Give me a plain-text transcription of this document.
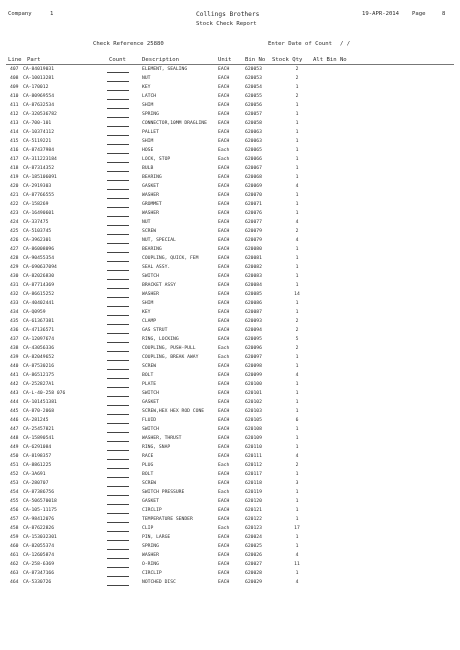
Company	1	Collings Brothers
Stock Check Report
19-APR-2014 Page	8
Check Reference 25880	Enter Date of Count / /
Line Part	Count	Description	Unit Bin No Stock Qty Alt Bin No
407 CA-84019031	ELEMENT, SEALING	EACH	620053	2
408 CA-10013281	NUT	EACH	620053	2
409 CA-170012	KEY	EACH	620054	1
410 CA-80969554	LATCH	EACH	620055	2
411 CA-87632534	SHIM	EACH	620056	1
412 CA-320536782	SPRING	EACH	620057	1
413 CA-700-101	CONNECTOR,10MM DRAGLINE EACH	620058	1
414 CA-10374112	PALLET	EACH	620063	1
415 CA-5119221	SHIM	EACH	620063	1
416 CA-87437984	HOSE	Each	620065	1
417 CA-311223184	LOCK, STOP	Each	620066	1
418 CA-87314352	BULB	EACH	620067	1
419 CA-185106091	BEARING	EACH	620068	1
420 CA-2919303	GASKET	EACH	620069	4
421 CA-87766555	WASHER	EACH	620070	1
422 CA-158269	GROMMET	EACH	620071	1
423 CA-16490601	WASHER	EACH	620076	1
424 CA-337475	NUT	EACH	620077	4
425 CA-5103745	SCREW	EACH	620079	2
426 CA-3962301	NUT, SPECIAL	EACH	620079	4
427 CA-86008096	BEARING	EACH	620080	1
428 CA-90455354	COUPLING, QUICK, FEM	EACH	620081	1
429 CA-690637094	SEAL ASSY.	EACH	620082	1
430 CA-82026830	SWITCH	EACH	620083	1
431 CA-87714369	BRACKET ASSY	EACH	620084	1
432 CA-86615252	WASHER	EACH	620085	14
433 CA-40402441	SHIM	EACH	620086	1
434 CA-Q0959	KEY	EACH	620087	1
435 CA-61367381	CLAMP	EACH	620093	2
436 CA-47136571	GAS STRUT	EACH	620094	2
437 CA-12097674	RING, LOCKING	EACH	620095	5
438 CA-43056336	COUPLING, PUSH-PULL	Each	620096	2
439 CA-82049652	COUPLING, BREAK AWAY	Each	620097	1
440 CA-87530216	SCREW	EACH	620098	1
441 CA-86512175	BOLT	EACH	620099	4
442 CA-252827A1	PLATE	EACH	620100	1
443 CA-L-40-258 076	SWITCH	EACH	620101	1
444 CA-101451381	GASKET	EACH	620102	1
445 CA-870-2068	SCREW,HEX HEX ROD CONE	EACH	620103	1
446 CA-281245	FLUID	EACH	620105	6
447 CA-25457821	SWITCH	EACH	620108	1
448 CA-15890541	WASHER, THRUST	EACH	620109	1
449 CA-6291084	RING, SNAP	EACH	620110	1
450 CA-8198357	RACE	EACH	620111	4
451 CA-8861225	PLUG	Each	620112	2
452 CA-3A691	BOLT	EACH	620117	1
453 CA-280707	SCREW	EACH	620118	3
454 CA-87386756	SWITCH PRESSURE	Each	620119	1
455 CA-506570018	GASKET	EACH	620120	1
456 CA-105-11175	CIRCLIP	EACH	620121	1
457 CA-98412076	TEMPERATURE SENDER	EACH	620122	1
458 CA-87622826	CLIP	Each	620123	17
459 CA-153032301	PIN, LARGE	EACH	620024	1
460 CA-82055374	SPRING	EACH	620025	1
461 CA-12605874	WASHER	EACH	620026	4
462 CA-258-6369	O-RING	EACH	620027	11
463 CA-87347166	CIRCLIP	EACH	620028	1
464 CA-5330726	NOTCHED DISC	EACH	620029	4
